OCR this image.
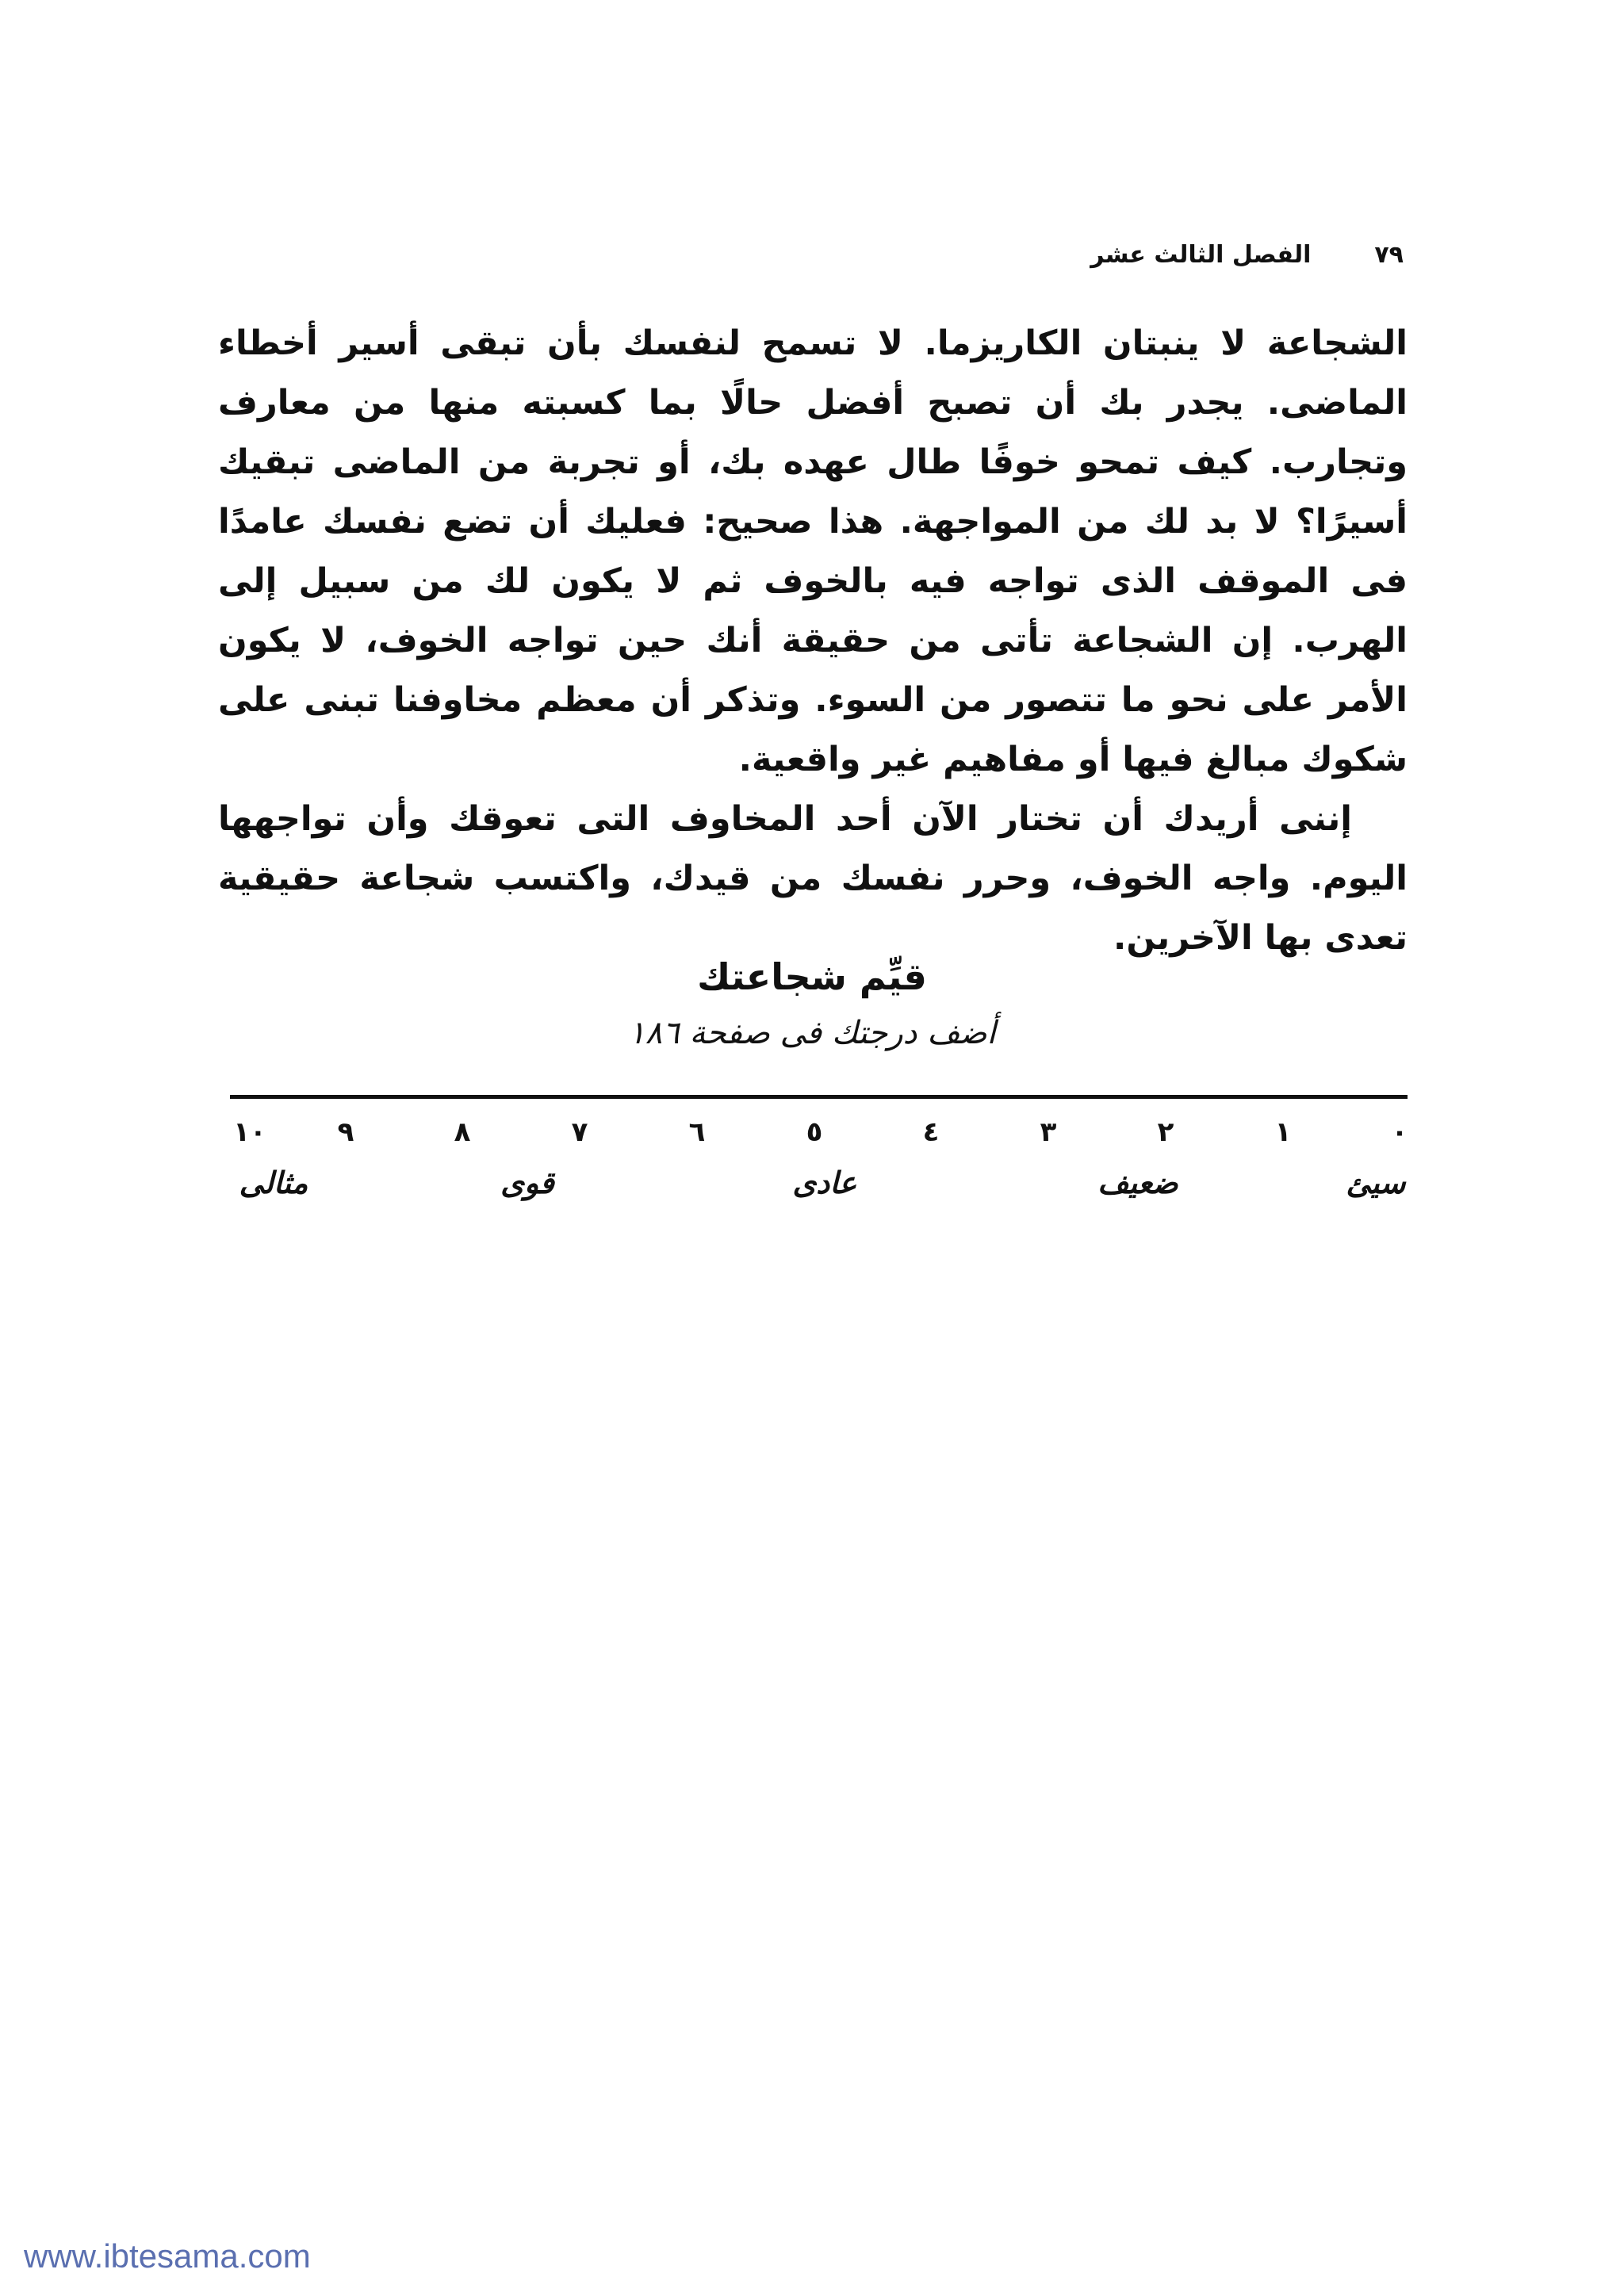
٧٩
الفصل الثالث عشر

الشجاعة لا ينبتان الكاريزما. لا تسمح لنفسك بأن تبقى أسير أخطاء الماضى. يجدر بك أن تصبح أفضل حالًا بما كسبته منها من معارف وتجارب. كيف تمحو خوفًا طال عهده بك، أو تجربة من الماضى تبقيك أسيرًا؟ لا بد لك من المواجهة. هذا صحيح: فعليك أن تضع نفسك عامدًا فى الموقف الذى تواجه فيه بالخوف ثم لا يكون لك من سبيل إلى الهرب. إن الشجاعة تأتى من حقيقة أنك حين تواجه الخوف، لا يكون الأمر على نحو ما تتصور من السوء. وتذكر أن معظم مخاوفنا تبنى على شكوك مبالغ فيها أو مفاهيم غير واقعية.

إننى أريدك أن تختار الآن أحد المخاوف التى تعوقك وأن تواجهها اليوم. واجه الخوف، وحرر نفسك من قيدك، واكتسب شجاعة حقيقية تعدى بها الآخرين.

قيِّم شجاعتك
أضف درجتك فى صفحة ١٨٦
٠
١
٢
٣
٤
٥
٦
٧
٨
٩
١٠
سيئ
ضعيف
عادى
قوى
مثالى
www.ibtesama.com
